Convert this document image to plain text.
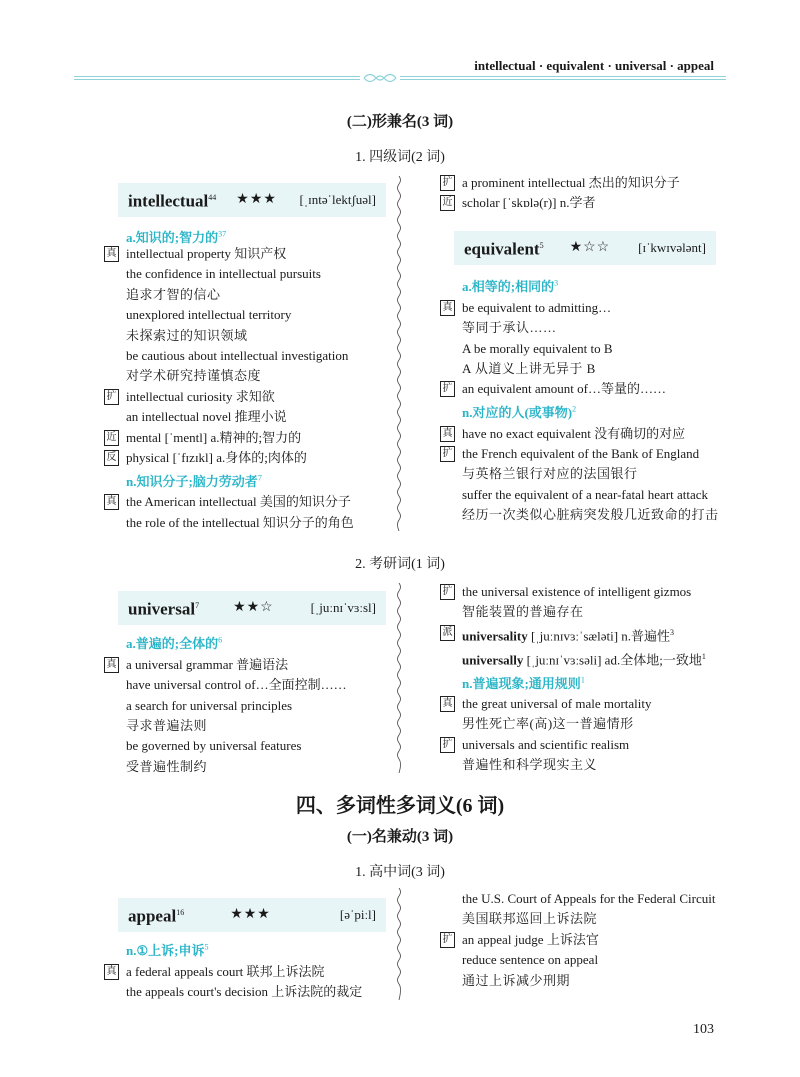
intellectual · equivalent · universal · appeal
(二)形兼名(3 词)
1. 四级词(2 词)
intellectual$^{44}$ ★★★ [ˌɪntəˈlektʃuəl]
a.知识的;智力的$^{37}$
真 intellectual property 知识产权
the confidence in intellectual pursuits
追求才智的信心
unexplored intellectual territory
未探索过的知识领域
be cautious about intellectual investigation
对学术研究持谨慎态度
扩 intellectual curiosity 求知欲
an intellectual novel 推理小说
近 mental [ˈmentl] a.精神的;智力的
反 physical [ˈfɪzɪkl] a.身体的;肉体的
n.知识分子;脑力劳动者$^7$
真 the American intellectual 美国的知识分子
the role of the intellectual 知识分子的角色
扩 a prominent intellectual 杰出的知识分子
近 scholar [ˈskɒlə(r)] n.学者
equivalent$^5$ ★☆☆ [ɪˈkwɪvələnt]
a.相等的;相同的$^3$
真 be equivalent to admitting…
等同于承认……
A be morally equivalent to B
A 从道义上讲无异于 B
扩 an equivalent amount of…等量的……
n.对应的人(或事物)$^2$
真 have no exact equivalent 没有确切的对应
扩 the French equivalent of the Bank of England
与英格兰银行对应的法国银行
suffer the equivalent of a near-fatal heart attack
经历一次类似心脏病突发般几近致命的打击
2. 考研词(1 词)
universal$^7$ ★★☆	[ˌjuːnɪˈvɜːsl]
a.普遍的;全体的$^6$
真 a universal grammar 普遍语法
have universal control of…全面控制……
a search for universal principles
寻求普遍法则
be governed by universal features
受普遍性制约
扩 the universal existence of intelligent gizmos
智能装置的普遍存在
派 universality [ˌjuːnɪvɜːˈsæləti] n.普遍性$^3$
universally [ˌjuːnɪˈvɜːsəli] ad.全体地;一致地$^1$
n.普遍现象;通用规则$^1$
真 the great universal of male mortality
男性死亡率(高)这一普遍情形
扩 universals and scientific realism
普遍性和科学现实主义
四、多词性多词义(6 词)
(一)名兼动(3 词)
1. 高中词(3 词)
appeal$^{16}$	★★★	[əˈpiːl]
n.①上诉;申诉$^5$
真 a federal appeals court 联邦上诉法院
the appeals court's decision 上诉法院的裁定
the U.S. Court of Appeals for the Federal Circuit
美国联邦巡回上诉法院
扩 an appeal judge 上诉法官
reduce sentence on appeal
通过上诉减少刑期
103
